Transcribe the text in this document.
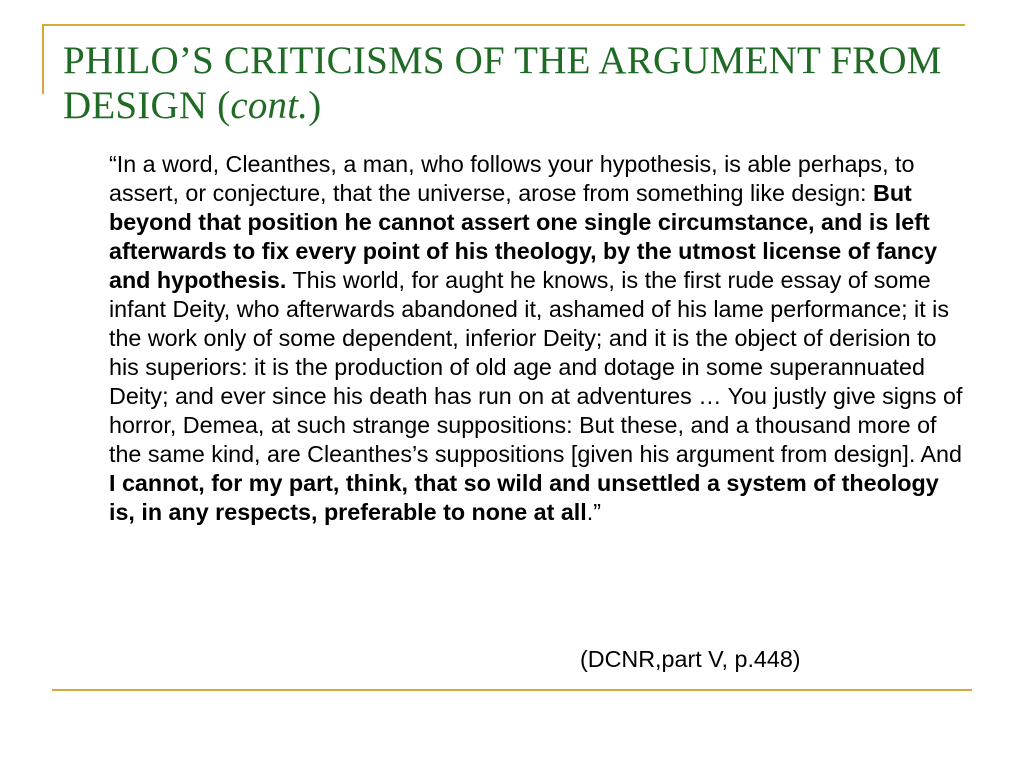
PHILO’S CRITICISMS OF THE ARGUMENT FROM DESIGN (cont.)

“In a word, Cleanthes, a man, who follows your hypothesis, is able perhaps, to assert, or conjecture, that the universe, arose from something like design: But beyond that position he cannot assert one single circumstance, and is left afterwards to fix every point of his theology, by the utmost license of fancy and hypothesis. This world, for aught he knows, is the first rude essay of some infant Deity, who afterwards abandoned it, ashamed of his lame performance; it is the work only of some dependent, inferior Deity; and it is the object of derision to his superiors: it is the production of old age and dotage in some superannuated Deity; and ever since his death has run on at adventures … You justly give signs of horror, Demea, at such strange suppositions: But these, and a thousand more of the same kind, are Cleanthes’s suppositions [given his argument from design]. And I cannot, for my part, think, that so wild and unsettled a system of theology is, in any respects, preferable to none at all.”

(DCNR,part V, p.448)
